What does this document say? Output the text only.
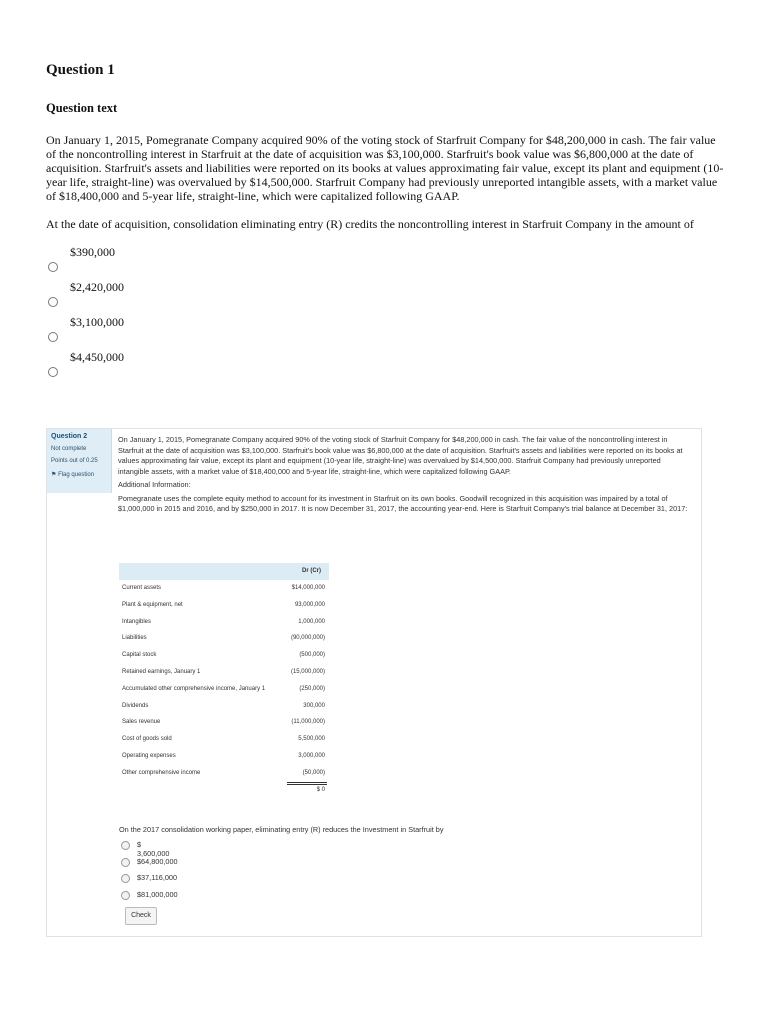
Question 1

Question text

On January 1, 2015, Pomegranate Company acquired 90% of the voting stock of Starfruit Company for $48,200,000 in cash. The fair value of the noncontrolling interest in Starfruit at the date of acquisition was $3,100,000. Starfruit's book value was $6,800,000 at the date of acquisition. Starfruit's assets and liabilities were reported on its books at values approximating fair value, except its plant and equipment (10-year life, straight-line) was overvalued by $14,500,000. Starfruit Company had previously unreported intangible assets, with a market value of $18,400,000 and 5-year life, straight-line, which were capitalized following GAAP.

At the date of acquisition, consolidation eliminating entry (R) credits the noncontrolling interest in Starfruit Company in the amount of

$390,000
$2,420,000
$3,100,000
$4,450,000
Question 2
Not complete
Points out of 0.25
⚑ Flag question

On January 1, 2015, Pomegranate Company acquired 90% of the voting stock of Starfruit Company for $48,200,000 in cash. The fair value of the noncontrolling interest in Starfruit at the date of acquisition was $3,100,000. Starfruit's book value was $6,800,000 at the date of acquisition. Starfruit's assets and liabilities were reported on its books at values approximating fair value, except its plant and equipment (10-year life, straight-line) was overvalued by $14,500,000. Starfruit Company had previously unreported intangible assets, with a market value of $18,400,000 and 5-year life, straight-line, which were capitalized following GAAP.

Additional Information:

Pomegranate uses the complete equity method to account for its investment in Starfruit on its own books. Goodwill recognized in this acquisition was impaired by a total of $1,000,000 in 2015 and 2016, and by $250,000 in 2017. It is now December 31, 2017, the accounting year-end. Here is Starfruit Company's trial balance at December 31, 2017:

Dr (Cr)
Current assets	$14,000,000
Plant & equipment, net	93,000,000
Intangibles	1,000,000
Liabilities	(90,000,000)
Capital stock	(500,000)
Retained earnings, January 1	(15,000,000)
Accumulated other comprehensive income, January 1	(250,000)
Dividends	300,000
Sales revenue	(11,000,000)
Cost of goods sold	5,500,000
Operating expenses	3,000,000
Other comprehensive income	(50,000)
$ 0
On the 2017 consolidation working paper, eliminating entry (R) reduces the Investment in Starfruit by
$ 3,600,000
$64,800,000
$37,116,000
$81,000,000
Check
